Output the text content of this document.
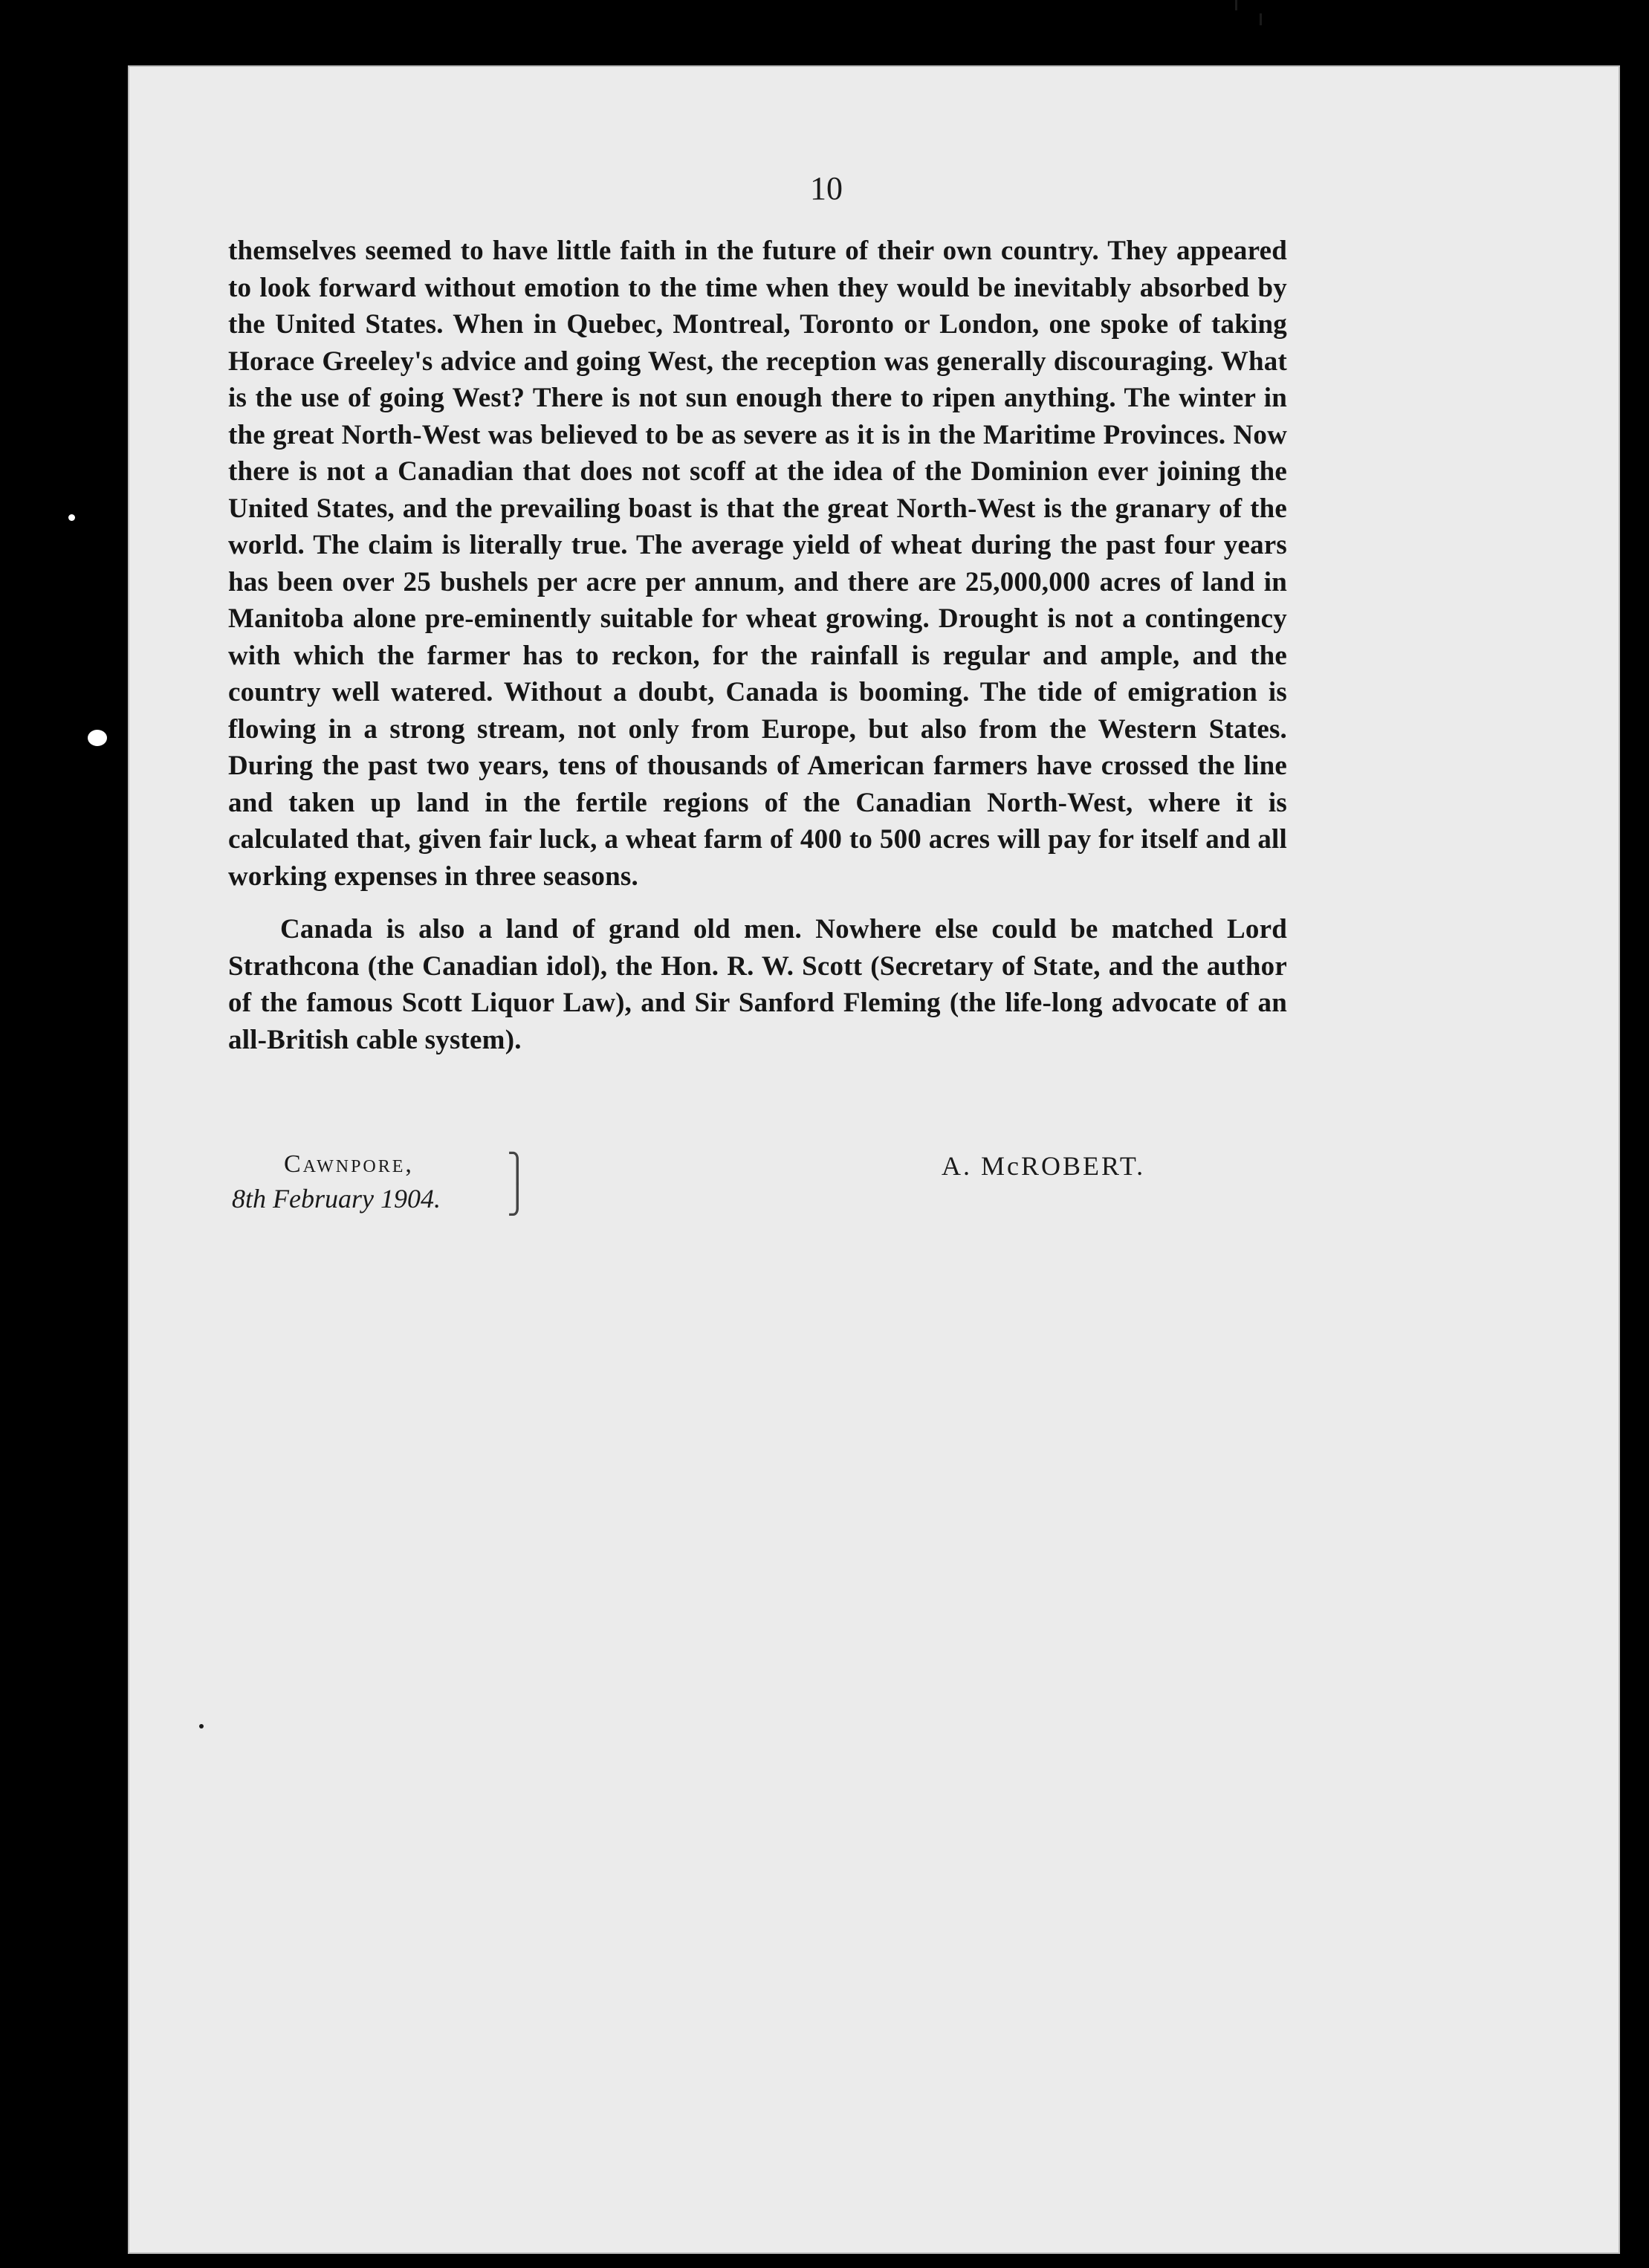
10

themselves seemed to have little faith in the future of their own country. They appeared to look forward without emotion to the time when they would be inevitably absorbed by the United States. When in Quebec, Montreal, Toronto or London, one spoke of taking Horace Greeley's advice and going West, the reception was generally discouraging. What is the use of going West? There is not sun enough there to ripen anything. The winter in the great North-West was believed to be as severe as it is in the Maritime Provinces. Now there is not a Canadian that does not scoff at the idea of the Dominion ever joining the United States, and the prevailing boast is that the great North-West is the granary of the world. The claim is literally true. The average yield of wheat during the past four years has been over 25 bushels per acre per annum, and there are 25,000,000 acres of land in Manitoba alone pre-eminently suitable for wheat growing. Drought is not a contingency with which the farmer has to reckon, for the rainfall is regular and ample, and the country well watered. Without a doubt, Canada is booming. The tide of emigration is flowing in a strong stream, not only from Europe, but also from the Western States. During the past two years, tens of thousands of American farmers have crossed the line and taken up land in the fertile regions of the Canadian North-West, where it is calculated that, given fair luck, a wheat farm of 400 to 500 acres will pay for itself and all working expenses in three seasons.

Canada is also a land of grand old men. Nowhere else could be matched Lord Strathcona (the Canadian idol), the Hon. R. W. Scott (Secretary of State, and the author of the famous Scott Liquor Law), and Sir Sanford Fleming (the life-long advocate of an all-British cable system).

Cawnpore,
8th February 1904.
⎫
⎭
A. McROBERT.
